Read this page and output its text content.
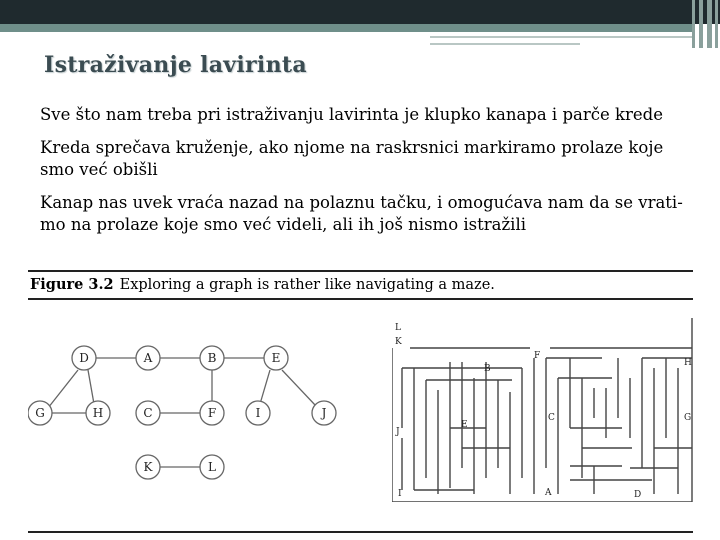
Istraživanje lavirinta
Sve što nam treba pri istraživanju lavirinta je klupko kanapa i parče krede
Kreda sprečava kruženje, ako njome na raskrsnici markiramo prolaze koje smo već obišli
Kanap nas uvek vraća nazad na polaznu tačku, i omogućava nam da se vrati-mo na prolaze koje smo već videli, ali ih još nismo istražili
Figure 3.2 Exploring a graph is rather like navigating a maze.
D	A	B	E
G	H	C	F	I	J
K	L
L
K
F
B
H
E
C	G
J
I	A	D
